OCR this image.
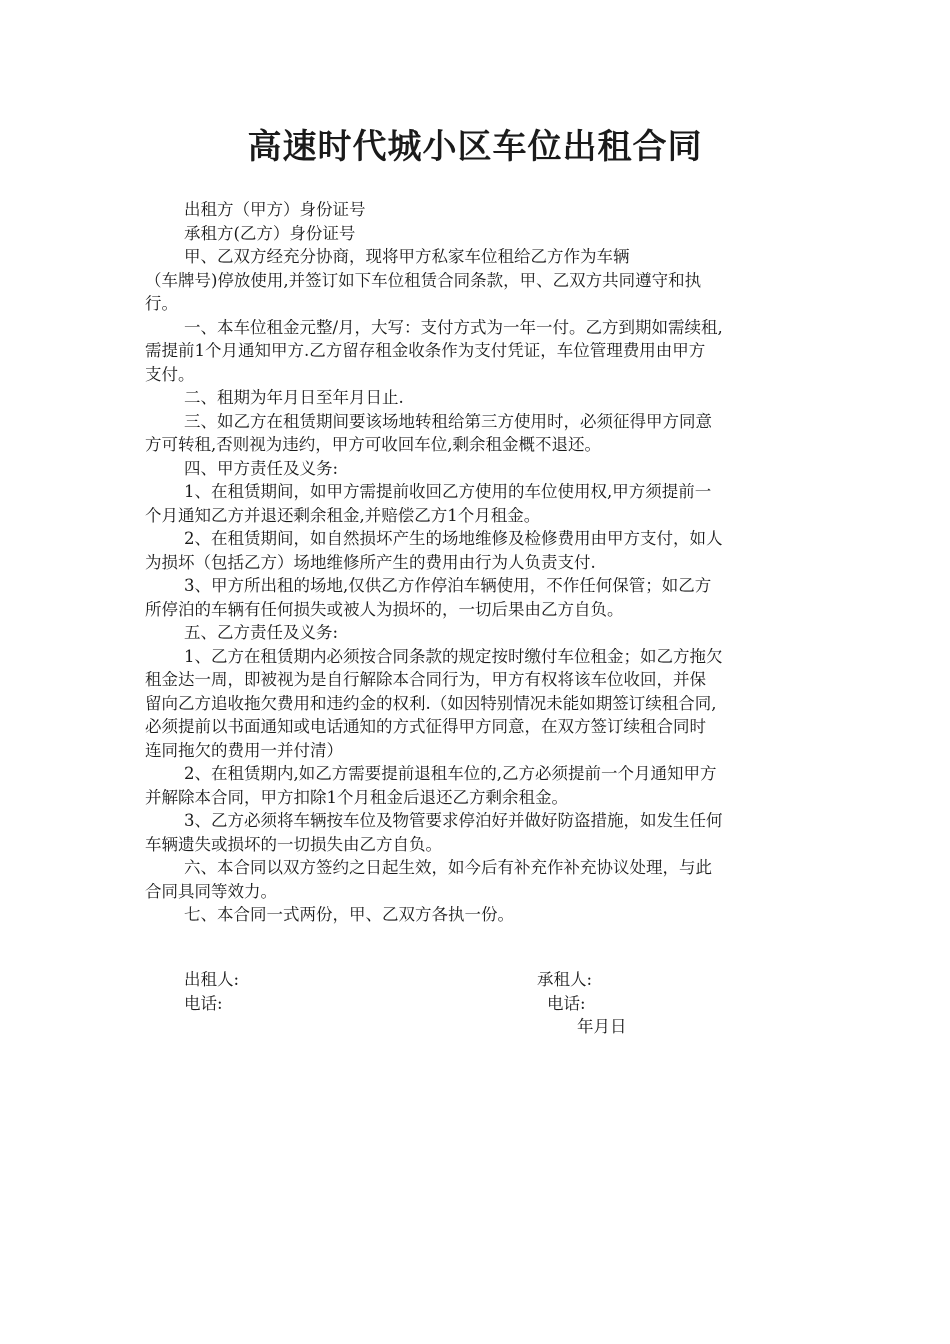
高速时代城小区车位出租合同

出租方（甲方）身份证号

承租方(乙方）身份证号

甲、乙双方经充分协商，现将甲方私家车位租给乙方作为车辆
（车牌号)停放使用,并签订如下车位租赁合同条款，甲、乙双方共同遵守和执
行。

一、本车位租金元整/月，大写：支付方式为一年一付。乙方到期如需续租,
需提前1个月通知甲方.乙方留存租金收条作为支付凭证，车位管理费用由甲方
支付。

二、租期为年月日至年月日止.

三、如乙方在租赁期间要该场地转租给第三方使用时，必须征得甲方同意
方可转租,否则视为违约，甲方可收回车位,剩余租金概不退还。

四、甲方责任及义务:

1、在租赁期间，如甲方需提前收回乙方使用的车位使用权,甲方须提前一
个月通知乙方并退还剩余租金,并赔偿乙方1个月租金。

2、在租赁期间，如自然损坏产生的场地维修及检修费用由甲方支付，如人
为损坏（包括乙方）场地维修所产生的费用由行为人负责支付.

3、甲方所出租的场地,仅供乙方作停泊车辆使用，不作任何保管；如乙方
所停泊的车辆有任何损失或被人为损坏的，一切后果由乙方自负。

五、乙方责任及义务:

1、乙方在租赁期内必须按合同条款的规定按时缴付车位租金；如乙方拖欠
租金达一周，即被视为是自行解除本合同行为，甲方有权将该车位收回，并保
留向乙方追收拖欠费用和违约金的权利.（如因特别情况未能如期签订续租合同,
必须提前以书面通知或电话通知的方式征得甲方同意，在双方签订续租合同时
连同拖欠的费用一并付清）

2、在租赁期内,如乙方需要提前退租车位的,乙方必须提前一个月通知甲方
并解除本合同，甲方扣除1个月租金后退还乙方剩余租金。

3、乙方必须将车辆按车位及物管要求停泊好并做好防盗措施，如发生任何
车辆遗失或损坏的一切损失由乙方自负。

六、本合同以双方签约之日起生效，如今后有补充作补充协议处理，与此
合同具同等效力。

七、本合同一式两份，甲、乙双方各执一份。

出租人:	承租人:
电话:	电话:
年月日
